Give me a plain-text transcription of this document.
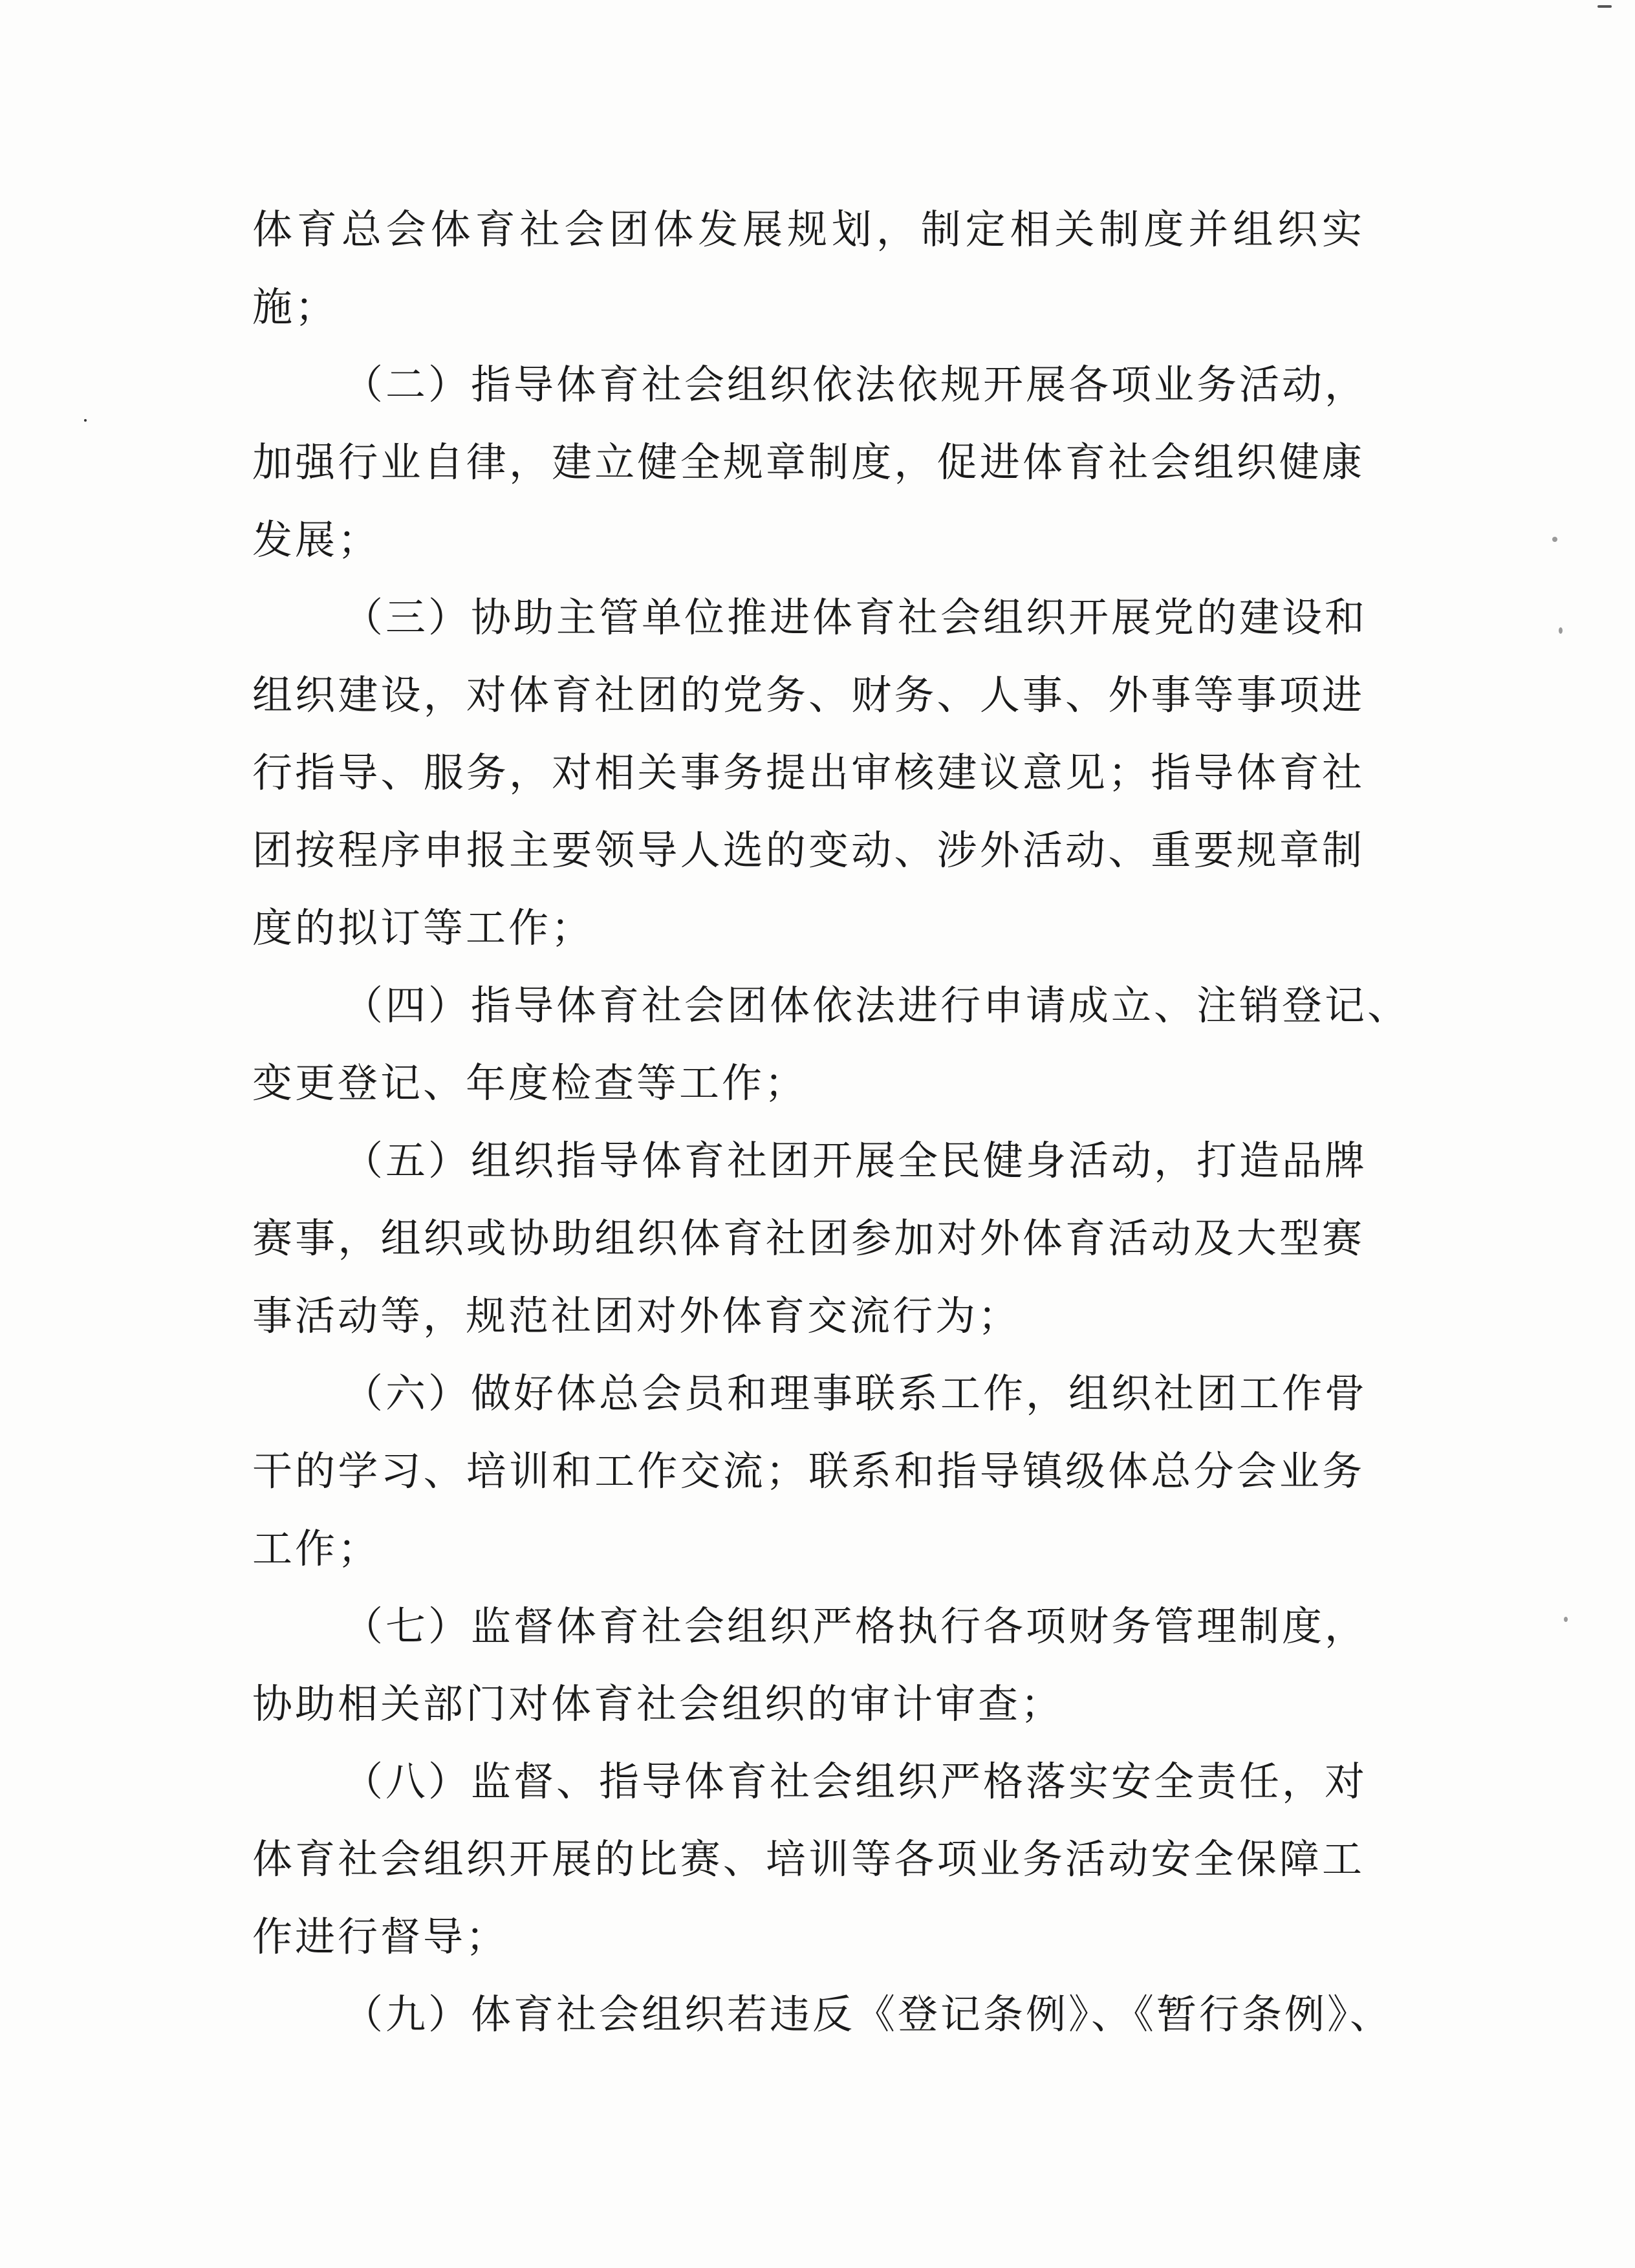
体育总会体育社会团体发展规划，制定相关制度并组织实
施；
（二）指导体育社会组织依法依规开展各项业务活动，
加强行业自律，建立健全规章制度，促进体育社会组织健康
发展；
（三）协助主管单位推进体育社会组织开展党的建设和
组织建设，对体育社团的党务、财务、人事、外事等事项进
行指导、服务，对相关事务提出审核建议意见；指导体育社
团按程序申报主要领导人选的变动、涉外活动、重要规章制
度的拟订等工作；
（四）指导体育社会团体依法进行申请成立、注销登记、
变更登记、年度检查等工作；
（五）组织指导体育社团开展全民健身活动，打造品牌
赛事，组织或协助组织体育社团参加对外体育活动及大型赛
事活动等，规范社团对外体育交流行为；
（六）做好体总会员和理事联系工作，组织社团工作骨
干的学习、培训和工作交流；联系和指导镇级体总分会业务
工作；
（七）监督体育社会组织严格执行各项财务管理制度，
协助相关部门对体育社会组织的审计审查；
（八）监督、指导体育社会组织严格落实安全责任，对
体育社会组织开展的比赛、培训等各项业务活动安全保障工
作进行督导；
（九）体育社会组织若违反《登记条例》、《暂行条例》、
